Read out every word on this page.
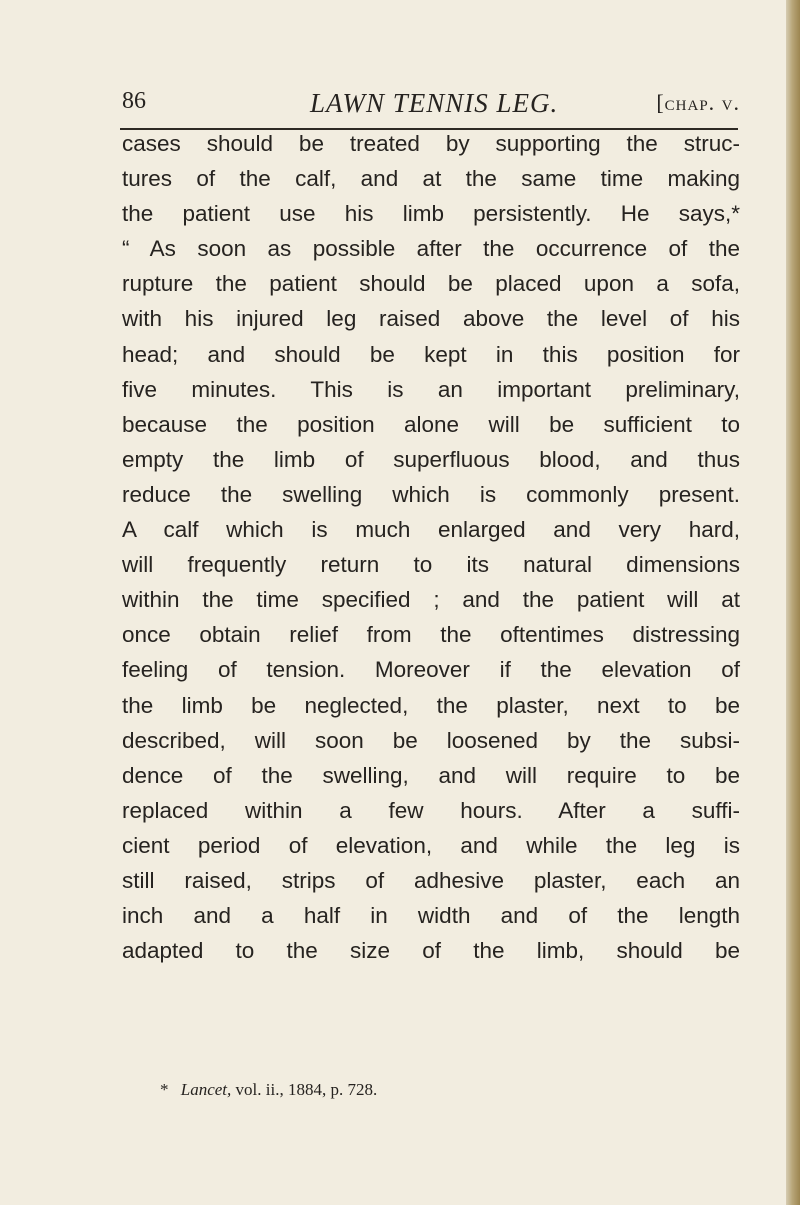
86	LAWN TENNIS LEG.	[chap. v.
cases should be treated by supporting the struc-
tures of the calf, and at the same time making
the patient use his limb persistently. He says,*
“ As soon as possible after the occurrence of the
rupture the patient should be placed upon a sofa,
with his injured leg raised above the level of his
head; and should be kept in this position for
five minutes. This is an important preliminary,
because the position alone will be sufficient to
empty the limb of superfluous blood, and thus
reduce the swelling which is commonly present.
A calf which is much enlarged and very hard,
will frequently return to its natural dimensions
within the time specified ; and the patient will at
once obtain relief from the oftentimes distressing
feeling of tension. Moreover if the elevation of
the limb be neglected, the plaster, next to be
described, will soon be loosened by the subsi-
dence of the swelling, and will require to be
replaced within a few hours. After a suffi-
cient period of elevation, and while the leg is
still raised, strips of adhesive plaster, each an
inch and a half in width and of the length
adapted to the size of the limb, should be
* Lancet, vol. ii., 1884, p. 728.
